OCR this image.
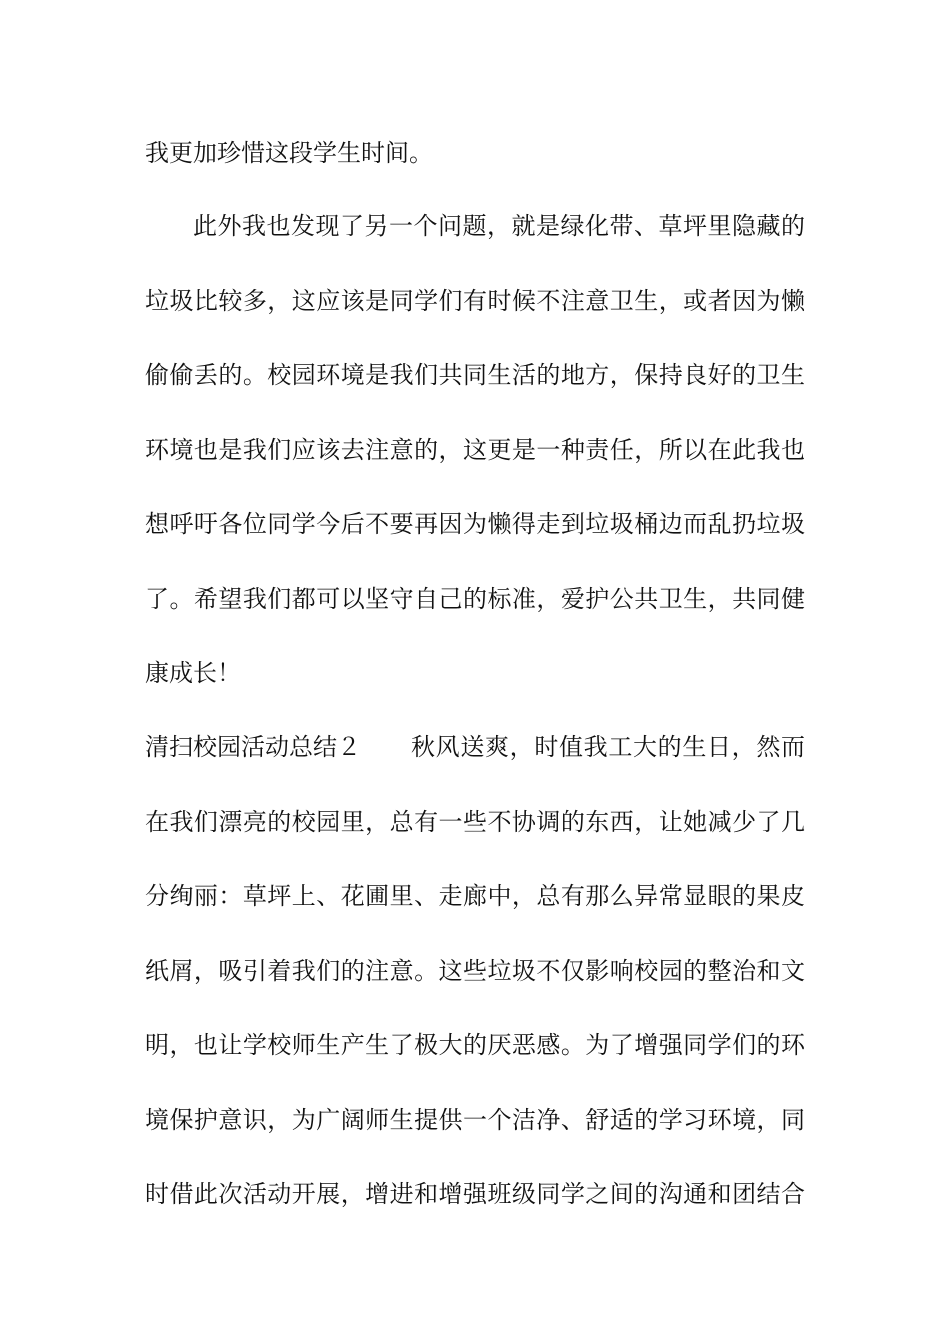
我更加珍惜这段学生时间。
此外我也发现了另一个问题，就是绿化带、草坪里隐藏的
垃圾比较多，这应该是同学们有时候不注意卫生，或者因为懒
偷偷丢的。校园环境是我们共同生活的地方，保持良好的卫生
环境也是我们应该去注意的，这更是一种责任，所以在此我也
想呼吁各位同学今后不要再因为懒得走到垃圾桶边而乱扔垃圾
了。希望我们都可以坚守自己的标准，爱护公共卫生，共同健
康成长！
清扫校园活动总结２ 秋风送爽，时值我工大的生日，然而
在我们漂亮的校园里，总有一些不协调的东西，让她减少了几
分绚丽：草坪上、花圃里、走廊中，总有那么异常显眼的果皮
纸屑，吸引着我们的注意。这些垃圾不仅影响校园的整治和文
明，也让学校师生产生了极大的厌恶感。为了增强同学们的环
境保护意识，为广阔师生提供一个洁净、舒适的学习环境，同
时借此次活动开展，增进和增强班级同学之间的沟通和团结合
